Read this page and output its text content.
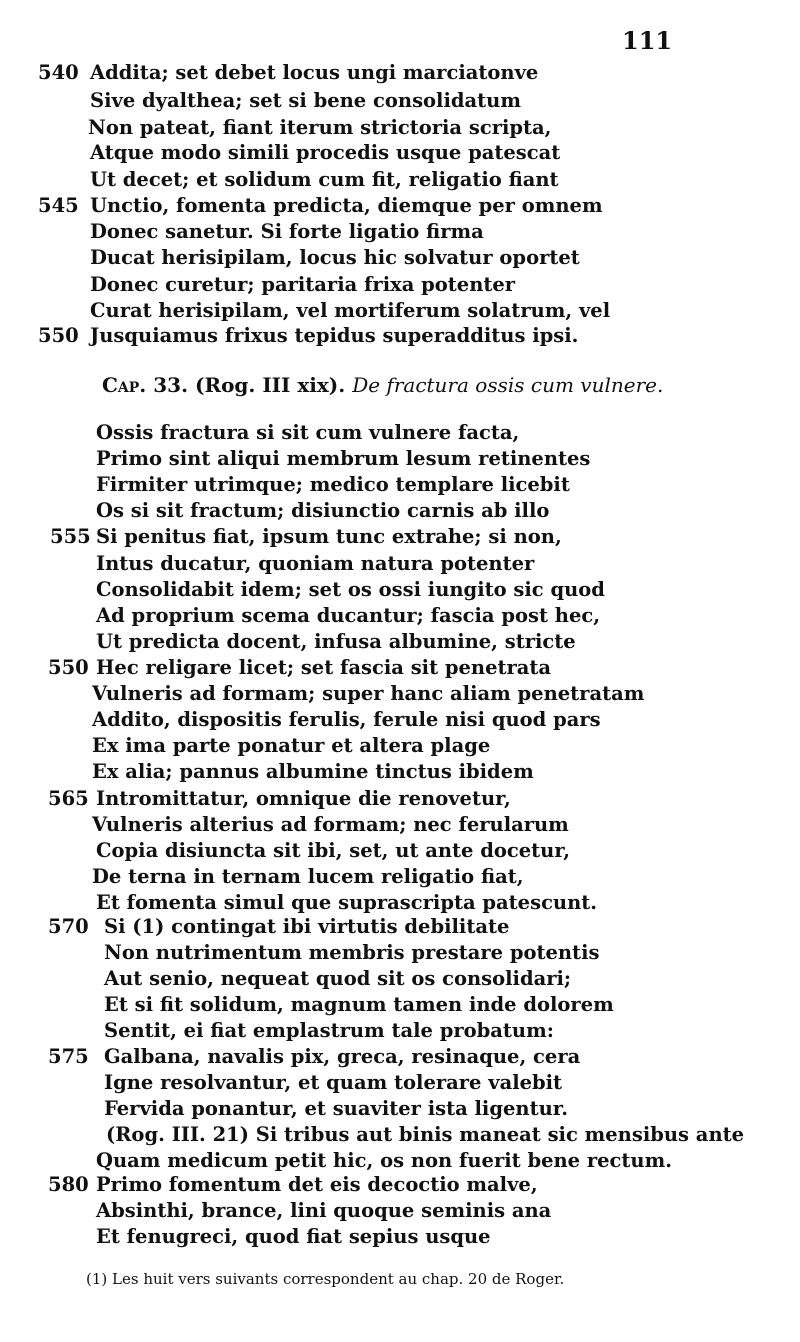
111
Cap. 33. (Rog. III xix). De fractura ossis cum vulnere.
540 Addita; set debet locus ungi marciatonve
Sive dyalthea; set si bene consolidatum
Non pateat, fiant iterum strictoria scripta,
Atque modo simili procedis usque patescat
Ut decet; et solidum cum fit, religatio fiant
545 Unctio, fomenta predicta, diemque per omnem
Donec sanetur. Si forte ligatio firma
Ducat herisipilam, locus hic solvatur oportet
Donec curetur; paritaria frixa potenter
Curat herisipilam, vel mortiferum solatrum, vel
550 Jusquiamus frixus tepidus superadditus ipsi.
Ossis fractura si sit cum vulnere facta,
Primo sint aliqui membrum lesum retinentes
Firmiter utrimque; medico templare licebit
Os si sit fractum; disiunctio carnis ab illo
555 Si penitus fiat, ipsum tunc extrahe; si non,
Intus ducatur, quoniam natura potenter
Consolidabit idem; set os ossi iungito sic quod
Ad proprium scema ducantur; fascia post hec,
Ut predicta docent, infusa albumine, stricte
550 Hec religare licet; set fascia sit penetrata
Vulneris ad formam; super hanc aliam penetratam
Addito, dispositis ferulis, ferule nisi quod pars
Ex ima parte ponatur et altera plage
Ex alia; pannus albumine tinctus ibidem
565 Intromittatur, omnique die renovetur,
Vulneris alterius ad formam; nec ferularum
Copia disiuncta sit ibi, set, ut ante docetur,
De terna in ternam lucem religatio fiat,
Et fomenta simul que suprascripta patescunt.
570 Si (1) contingat ibi virtutis debilitate
Non nutrimentum membris prestare potentis
Aut senio, nequeat quod sit os consolidari;
Et si fit solidum, magnum tamen inde dolorem
Sentit, ei fiat emplastrum tale probatum:
575 Galbana, navalis pix, greca, resinaque, cera
Igne resolvantur, et quam tolerare valebit
Fervida ponantur, et suaviter ista ligentur.
(Rog. III. 21) Si tribus aut binis maneat sic mensibus ante
Quam medicum petit hic, os non fuerit bene rectum.
580 Primo fomentum det eis decoctio malve,
Absinthi, brance, lini quoque seminis ana
Et fenugreci, quod fiat sepius usque
(1) Les huit vers suivants correspondent au chap. 20 de Roger.
